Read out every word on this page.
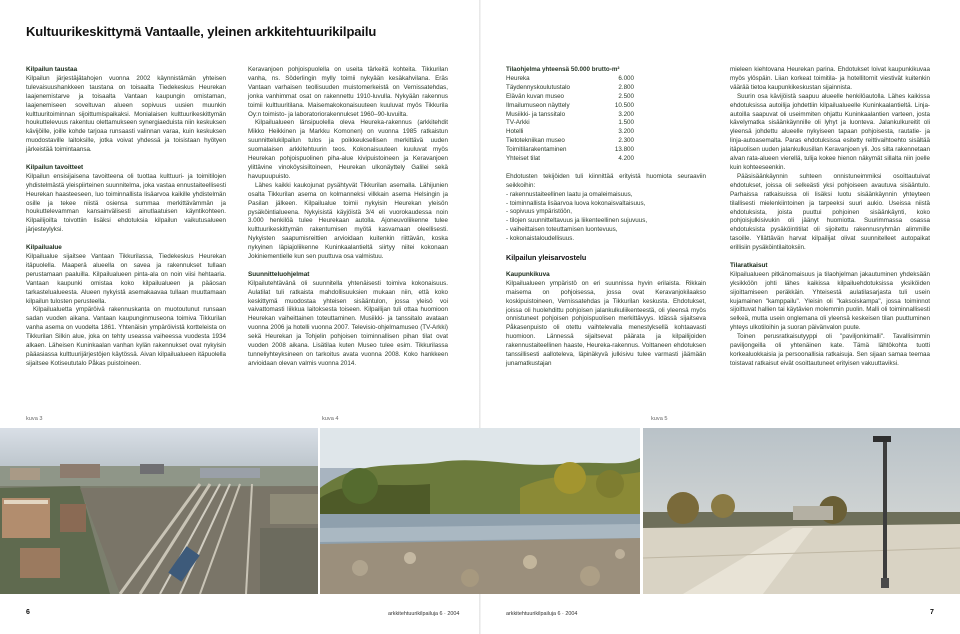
Kultuurikeskittymä Vantaalle, yleinen arkkitehtuurikilpailu
Kilpailun taustaa

Kilpailun järjestäjätahojen vuonna 2002 käynnistämän yhteisen tulevaisuushankkeen taustana on toisaalta Tiedekeskus Heurekan laajenemistarve ja toisaalta Vantaan kaupungin omistaman, laajenemiseen soveltuvan alueen sopivuus uusien muunkin kulttuuritoiminnan sijoittumispaikaksi. Monialaisen kulttuurikeskittymän houkuttelevuus rakentuu olettamukseen synergiaeduista niin keskuksen kävijöille, joille kohde tarjoaa runsaasti valinnan varaa, kuin keskuksen muodostaville laitoksille, jotka voivat yhdessä ja toisistaan hyötyen järkeistää toimintaansa.

Kilpailun tavoitteet

Kilpailun ensisijaisena tavoitteena oli tuottaa kulttuuri- ja toimitilojen yhdistelmästä yleispiirteinen suunnitelma, joka vastaa ennustaiteellisesti Heurekan haasteeseen, luo toiminnallista lisäarvoa kaikille yhdistelmän osille ja tekee niistä osiensa summaa merkittävämmän ja houkuttelevamman kansainvälisesti ainutlaatuisen käyntikohteen. Kilpailijoilta toivottiin lisäksi ehdotuksia kilpailun vaikutusalueen järjesteylyksi.

Kilpailualue

Kilpailualue sijaitsee Vantaan Tikkurilassa, Tiedekeskus Heurekan itäpuolella. Maaperä alueella on savea ja rakennukset tullaan perustamaan paaluilla. Kilpailualueen pinta-ala on noin viisi hehtaaria. Vantaan kaupunki omistaa koko kilpailualueen ja pääosan tarkastelualueesta. Alueen nykyistä asemakaavaa tullaan muuttamaan kilpailun tulosten perusteella.

Kilpailualuetta ympäröivä rakennuskanta on muotoutunut runsaan sadan vuoden aikana. Vantaan kaupunginmuseona toimiva Tikkurilan vanha asema on vuodelta 1861. Yhtenäisin ympäröivistä kortteleista on Tikkurilan Silkin alue, joka on tehty useassa vaiheessa vuodesta 1934 alkaen. Läheisen Kuninkaalan vanhan kylän rakennukset ovat nykyisin pääasiassa kulttuurijärjestöjen käytössä. Aivan kilpailualueen itäpuolella sijaitsee Kotiseututalo Påkas puistoineen.

Keravanjoen pohjoispuolella on useita tärkeitä kohteita. Tikkurilan vanha, ns. Söderlingin mylly toimii nykyään kesäkahvilana. Eräs Vantaan varhaisen teollisuuden muistomerkeistä on Vernissatehdas, jonka vanhimmat osat on rakennettu 1910-luvulla. Nykyään rakennus toimii kulttuuritilana. Maisemakokonaisuuteen kuuluvat myös Tikkurila Oy:n toimisto- ja laboratoriorakennukset 1960–90-luvuilta.

Kilpailualueen länsipuolella oleva Heureka-rakennus (arkkitehdit Mikko Heikkinen ja Markku Komonen) on vuonna 1985 ratkaistun suunnittelukilpailun tulos ja poikkeuksellisen merkittävä uuden suomalaisen arkkitehtuurin teos. Kokonaisuuteen kuuluvat myös Heurekan pohjoispuolinen piha-alue kivipuistoineen ja Keravanjoen ylittävine vinoköysisiltoineen, Heurekan ulkonäyttely Galilei sekä havupuupuisto.

Lähes kaikki kaukojunat pysähtyvät Tikkurilan asemalla. Lähijunien osalta Tikkurilan asema on kolmanneksi vilkkain asema Helsingin ja Pasilan jälkeen. Kilpailualue toimii nykyisin Heurekan yleisön pysäköintialueena. Nykyisistä käyjöistä 3/4 eli vuorokaudessa noin 3.000 henkilöä tulee Heurekaan autolla. Ajoneuvoliikenne tulee kulttuurikeskittymän rakentumisen myötä kasvamaan oleellisesti. Nykyisten saapumisreittien arvioidaan kuitenkin riittävän, koska nykyinen läpiajoliikenne Kuninkaalantieltä siirtyy niitei kokonaan Jokiniementielle kun sen puuttuva osa valmistuu.

Suunnitteluohjelmat

Kilpailutehtävänä oli suunnitella yhtenäisesti toimiva kokonaisuus. Aulatilat tuli ratkaista mahdollisuuksien mukaan niin, että koko keskittymä muodostaa yhteisen sisääntulon, jossa yleisö voi vaivattomasti liikkua laitoksesta toiseen. Kilpailijan tuli ottaa huomioon Heurekan vaiheittainen toteuttaminen. Musiikki- ja tanssitalo avataan vuonna 2006 ja hotelli vuonna 2007. Televisio-ohjelmamuseo (TV-Arkki) sekä Heurekan ja Tohjelin pohjoisen toiminnallisen pihan tilat ovat vuoden 2008 aikana. Lisätilaa kuten Museo tulee esim. Tikkurilassa tunneliyhteyksineen on tarkoitus avata vuonna 2008. Koko hankkeen arvioidaan olevan valmis vuonna 2014.

Tilaohjelma yhteensä 50.000 brutto-m²
Heureka	6.000
Täydennyskoulutustalo	2.800
Elävän kuvan museo	2.500
Ilmailumuseon näyttely	10.500
Musiikki- ja tanssitalo	3.200
TV-Arkki	1.500
Hotelli	3.200
Tietotekniikan museo	2.300
Toimitilarakentaminen	13.800
Yhteiset tilat	4.200

Ehdotusten tekijöiden tuli kiinnittää erityistä huomiota seuraaviin seikkoihin:

- rakennustaiteellinen laatu ja omaleimaisuus,
- toiminnallista lisäarvoa luova kokonaisvaltaisuus,
- sopivuus ympäristöön,
- tilojen suunnitteltavuus ja liikenteellinen sujuvuus,
- vaiheittaisen toteuttamisen luontevuus,
- kokonaistaloudellisuus.
Kilpailun yleisarvostelu
Kaupunkikuva

Kilpailualueen ympäristö on eri suunnissa hyvin erilaista. Rikkain maisema on pohjoisessa, jossa ovat Keravanjokilaakso koskipuistoineen, Vernissatehdas ja Tikkurilan keskusta. Ehdotukset, joissa oli huolehdittu pohjoisen jalankulkuliikenteestä, oli yleensä myös onnistuneet pohjoisen pohjoispuolisen merkittävyys. Idässä sijaitseva Påkasenpuisto oli otettu vaihtelevalla menestyksellä kohtaavasti huomioon. Lännessä sijaitsevat päärata ja kilpailijoiden rakennustaiteellinen haaste, Heureka-rakennus. Voittaneen ehdotuksen tanssillisesti aalloteleva, läpinäkyvä julkisivu tulee varmasti jäämään junamatkustajan

mieleen kiehtovana Heurekan parina. Ehdotukset loivat kaupunkikuvaa myös ylöspäin. Liian korkeat toimitila- ja hotellitornit viestivät kuitenkin väärää tietoa kaupunkikeskustan sijainnista.

Suurin osa kävijöistä saapuu alueelle henkilöautolla. Lähes kaikissa ehdotuksissa autoilija johdettiin kilpailualueelle Kuninkaalantieltä. Linja-autoilla saapuvat oli useimmiten ohjattu Kuninkaalantien varteen, josta kävelymatka sisäänkäynnille oli lyhyt ja luonteva. Jalankulkureitit oli yleensä johdettu alueelle nykyiseen tapaan pohjoisesta, rautatie- ja linja-autoasemalta. Paras ehdotuksissa esitetty reittivaihtoehto sisältää itäpuolisen uuden jalankulkusillan Keravanjoen yli. Jos silta rakennetaan alvan rata-alueen vierellä, tulija kokee hienon näkymät sillalta niin joelle kuin kohteeseenkin.

Pääsisäänkäynnin suhteen onnistuneimmiksi osoittautuivat ehdotukset, joissa oli selkeästi yksi pohjoiseen avautuva sisääntulo. Parhaissa ratkaisuissa oli lisäksi luotu sisäänkäynnin yhteyteen tilallisesti mielenkiintoinen ja tarpeeksi suuri aukio. Useissa niistä ehdotuksista, joista puuttui pohjoinen sisäänkäynti, koko pohjoisjulkisivukin oli jäänyt huomiotta. Suurimmassa osassa ehdotuksista pysäköintitilat oli sijoitettu rakennusryhmän alimmille tasoille. Yllättävän harvat kilpailijat olivat suunnitelleet autopaikat erillisiin pysäköintilaitoksiin.

Tilaratkaisut

Kilpailualueen pitkänomaisuus ja tilaohjelman jakautuminen yhdeksään yksikköön johti lähes kaikissa kilpailuehdotuksissa yksiköiden sijoittamiseen peräkkäin. Yhteisestä aulatilasarjasta tuli usein kujamainen "kamppailu". Yleisin oli "kaksoiskampa", jossa toiminnot sijoittuvat hallien tai käytävien molemmin puolin. Malli oli toiminnallisesti selkeä, mutta usein onglemana oli yleensä keskeisen tilan puuttuminen yhteys ulkotiloihin ja suoran päivänvalon puute.

Toinen perusratkaisutyyppi oli "paviljonkimalli". Tavallisimmin paviljongeilla oli yhtenäinen kate. Tämä lähtökohta tuotti korkealuokkaisia ja persoonallisia ratkaisuja. Sen sijaan samaa teemaa toistavat ratkaisut eivät osoittautuneet erityisen vakuuttaviksi.

kuva 3	kuva 4	kuva 5
6	arkkitehtuurikilpailuja 6 · 2004	arkkitehtuurikilpailuja 6 · 2004	7
